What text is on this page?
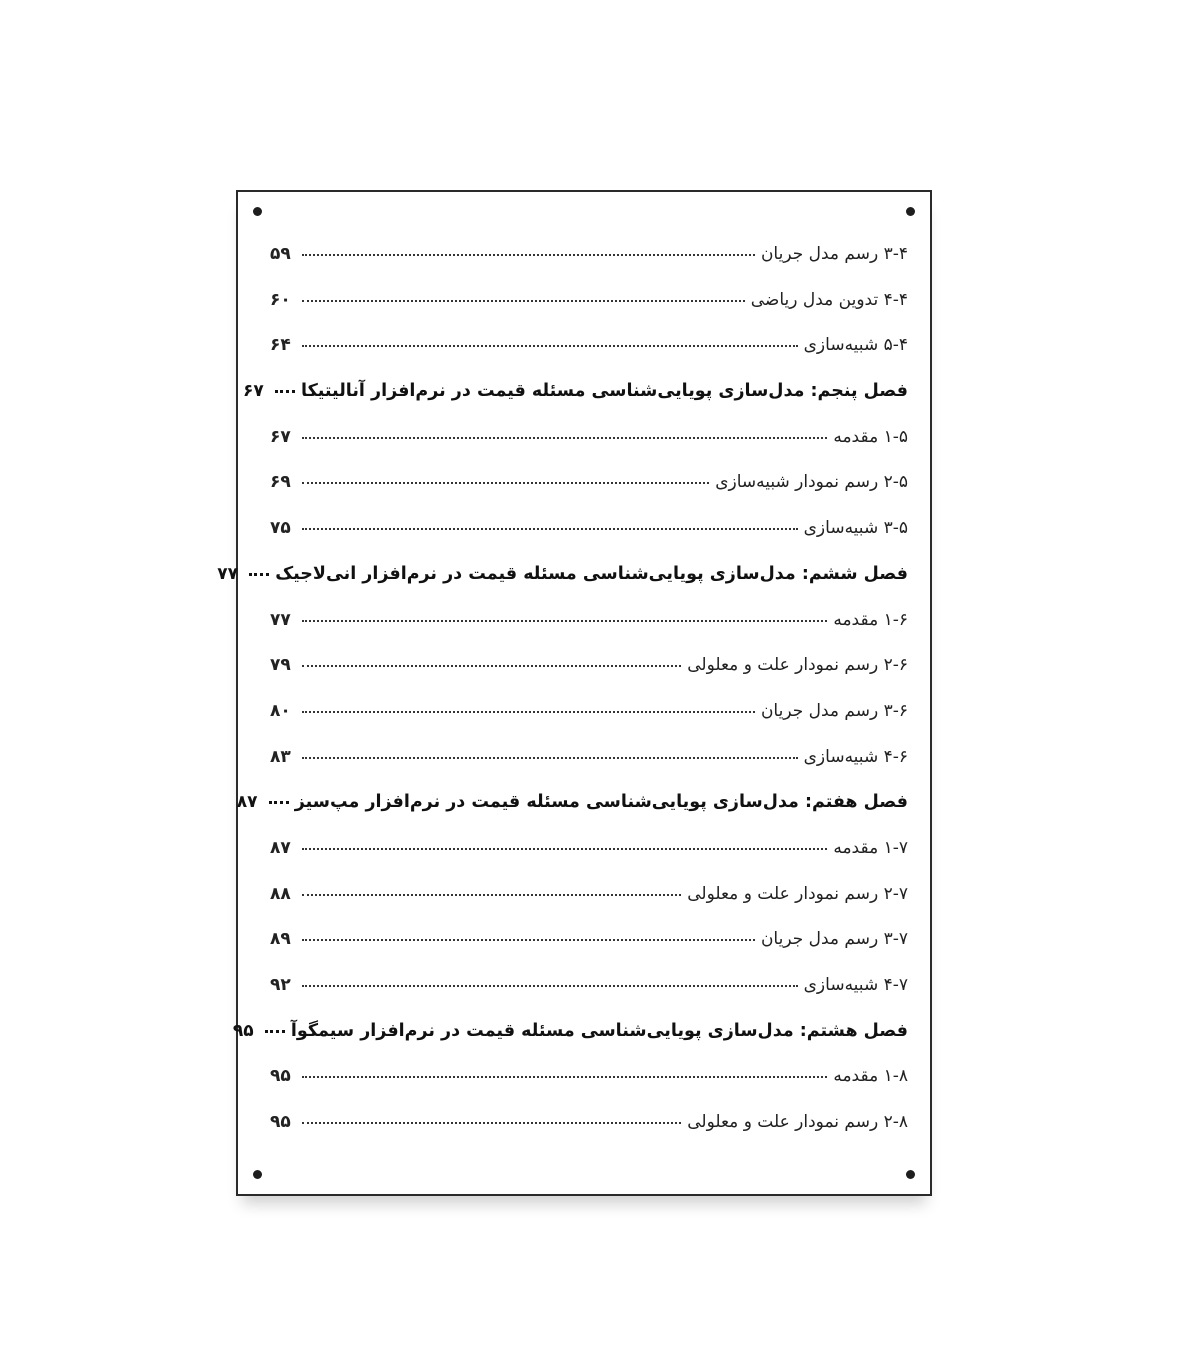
۳-۴ رسم مدل جریان
۵۹
۴-۴ تدوین مدل ریاضی
۶۰
۵-۴ شبیه‌سازی
۶۴
فصل پنجم: مدل‌سازی پویایی‌شناسی مسئله قیمت در نرم‌افزار آنالیتیکا
۶۷
۱-۵ مقدمه
۶۷
۲-۵ رسم نمودار شبیه‌سازی
۶۹
۳-۵ شبیه‌سازی
۷۵
فصل ششم: مدل‌سازی پویایی‌شناسی مسئله قیمت در نرم‌افزار انی‌لاجیک
۷۷
۱-۶ مقدمه
۷۷
۲-۶ رسم نمودار علت و معلولی
۷۹
۳-۶ رسم مدل جریان
۸۰
۴-۶ شبیه‌سازی
۸۳
فصل هفتم: مدل‌سازی پویایی‌شناسی مسئله قیمت در نرم‌افزار مپ‌سیز
۸۷
۱-۷ مقدمه
۸۷
۲-۷ رسم نمودار علت و معلولی
۸۸
۳-۷ رسم مدل جریان
۸۹
۴-۷ شبیه‌سازی
۹۲
فصل هشتم: مدل‌سازی پویایی‌شناسی مسئله قیمت در نرم‌افزار سیمگوآ
۹۵
۱-۸ مقدمه
۹۵
۲-۸ رسم نمودار علت و معلولی
۹۵
